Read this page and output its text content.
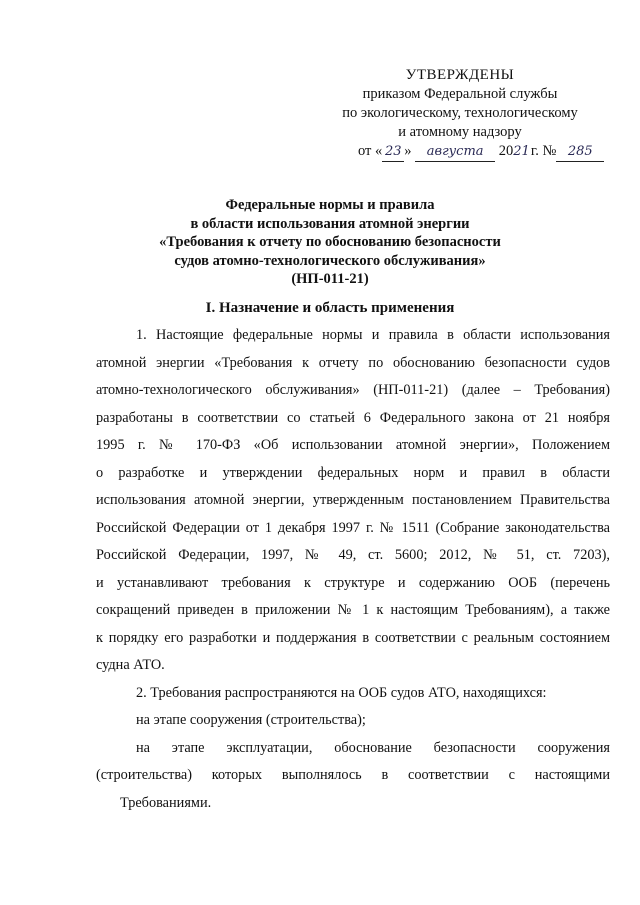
УТВЕРЖДЕНЫ
приказом Федеральной службы
по экологическому, технологическому
и атомному надзору
от « 23 » августа 2021 г. № 285
Федеральные нормы и правила
в области использования атомной энергии
«Требования к отчету по обоснованию безопасности
судов атомно-технологического обслуживания»
(НП-011-21)
I. Назначение и область применения
1. Настоящие федеральные нормы и правила в области использования
атомной энергии «Требования к отчету по обоснованию безопасности судов
атомно-технологического обслуживания» (НП-011-21) (далее – Требования)
разработаны в соответствии со статьей 6 Федерального закона от 21 ноября
1995 г. № 170-ФЗ «Об использовании атомной энергии», Положением
о разработке и утверждении федеральных норм и правил в области
использования атомной энергии, утвержденным постановлением Правительства
Российской Федерации от 1 декабря 1997 г. № 1511 (Собрание законодательства
Российской Федерации, 1997, № 49, ст. 5600; 2012, № 51, ст. 7203),
и устанавливают требования к структуре и содержанию ООБ (перечень
сокращений приведен в приложении № 1 к настоящим Требованиям), а также
к порядку его разработки и поддержания в соответствии с реальным состоянием
судна АТО.
2. Требования распространяются на ООБ судов АТО, находящихся:
на этапе сооружения (строительства);
на этапе эксплуатации, обоснование безопасности сооружения
(строительства) которых выполнялось в соответствии с настоящими
Требованиями.
